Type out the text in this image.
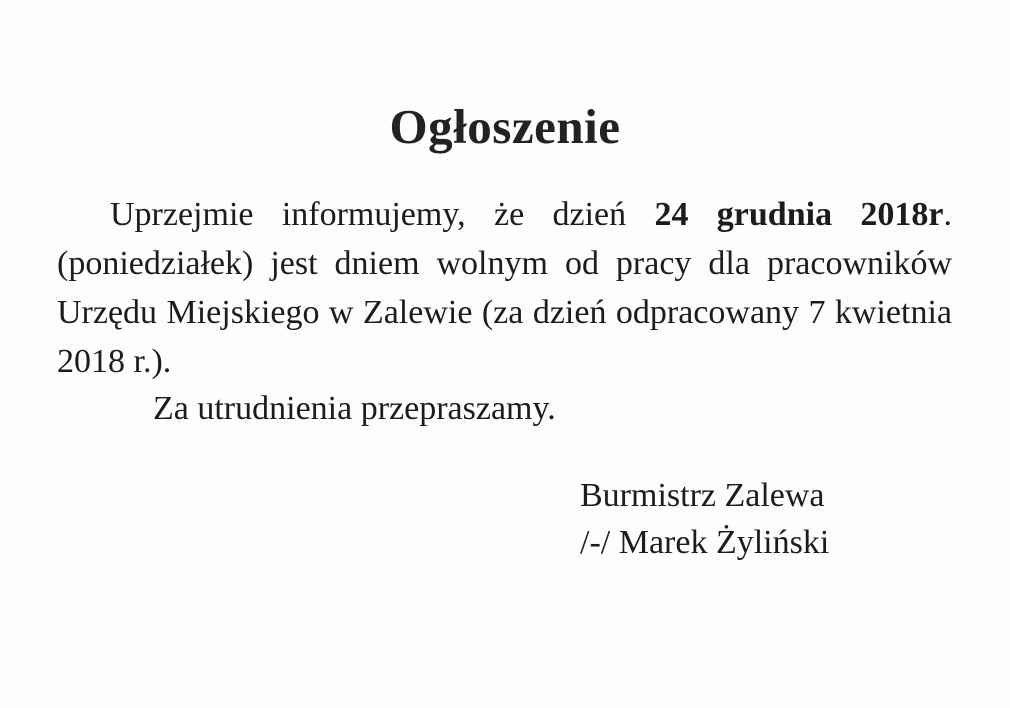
Ogłoszenie
Uprzejmie informujemy, że dzień 24 grudnia 2018r. (poniedziałek) jest dniem wolnym od pracy dla pracowników Urzędu Miejskiego w Zalewie (za dzień odpracowany 7 kwietnia 2018 r.).
Za utrudnienia przepraszamy.
Burmistrz Zalewa
/-/ Marek Żyliński
